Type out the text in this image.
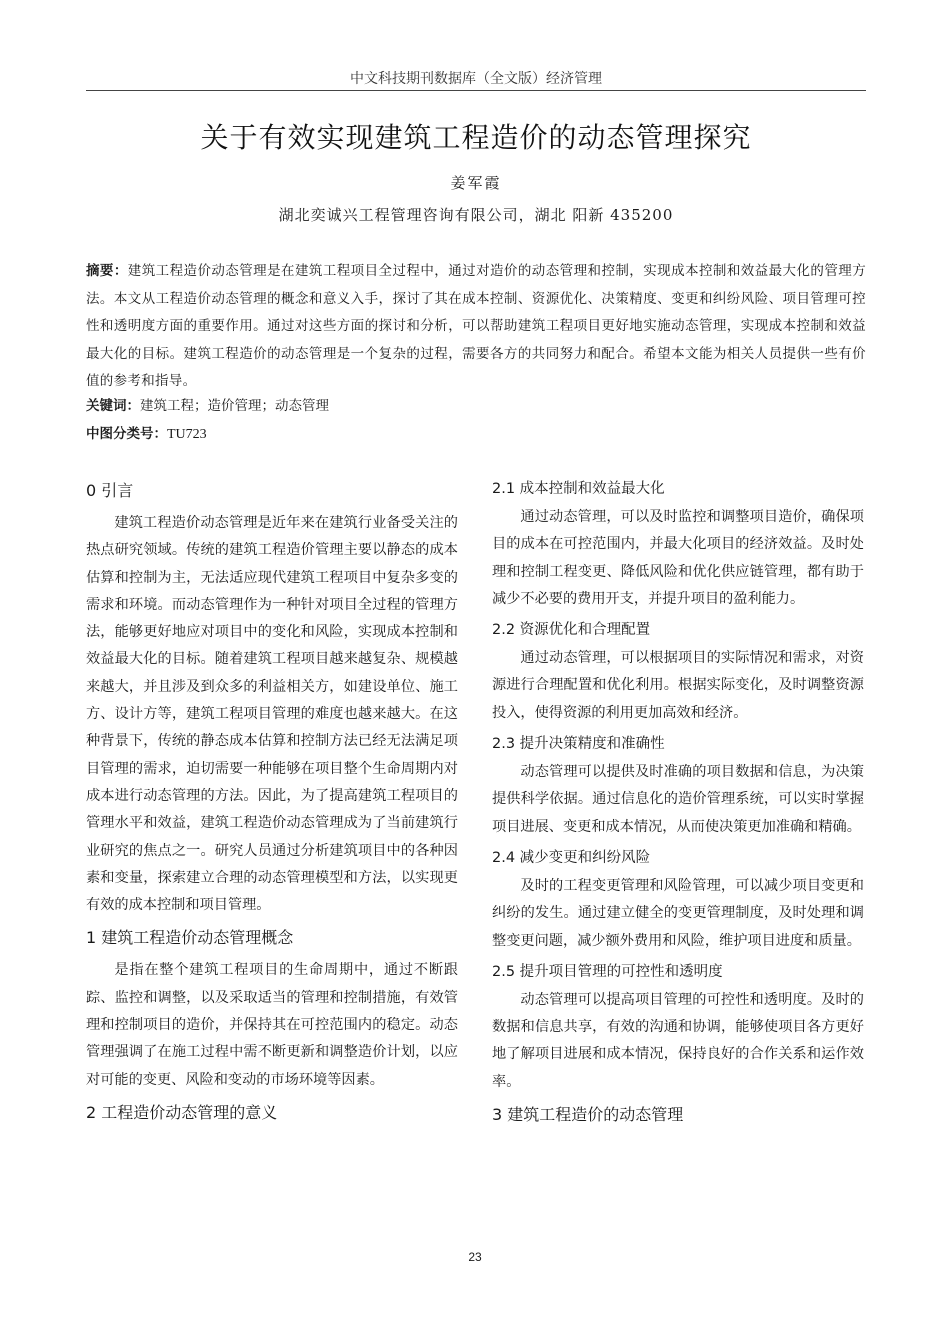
中文科技期刊数据库（全文版）经济管理
关于有效实现建筑工程造价的动态管理探究
姜军霞
湖北奕诚兴工程管理咨询有限公司，湖北 阳新 435200
摘要：建筑工程造价动态管理是在建筑工程项目全过程中，通过对造价的动态管理和控制，实现成本控制和效益最大化的管理方法。本文从工程造价动态管理的概念和意义入手，探讨了其在成本控制、资源优化、决策精度、变更和纠纷风险、项目管理可控性和透明度方面的重要作用。通过对这些方面的探讨和分析，可以帮助建筑工程项目更好地实施动态管理，实现成本控制和效益最大化的目标。建筑工程造价的动态管理是一个复杂的过程，需要各方的共同努力和配合。希望本文能为相关人员提供一些有价值的参考和指导。
关键词：建筑工程；造价管理；动态管理
中图分类号：TU723
0 引言

建筑工程造价动态管理是近年来在建筑行业备受关注的热点研究领域。传统的建筑工程造价管理主要以静态的成本估算和控制为主，无法适应现代建筑工程项目中复杂多变的需求和环境。而动态管理作为一种针对项目全过程的管理方法，能够更好地应对项目中的变化和风险，实现成本控制和效益最大化的目标。随着建筑工程项目越来越复杂、规模越来越大，并且涉及到众多的利益相关方，如建设单位、施工方、设计方等，建筑工程项目管理的难度也越来越大。在这种背景下，传统的静态成本估算和控制方法已经无法满足项目管理的需求，迫切需要一种能够在项目整个生命周期内对成本进行动态管理的方法。因此，为了提高建筑工程项目的管理水平和效益，建筑工程造价动态管理成为了当前建筑行业研究的焦点之一。研究人员通过分析建筑项目中的各种因素和变量，探索建立合理的动态管理模型和方法，以实现更有效的成本控制和项目管理。

1 建筑工程造价动态管理概念

是指在整个建筑工程项目的生命周期中，通过不断跟踪、监控和调整，以及采取适当的管理和控制措施，有效管理和控制项目的造价，并保持其在可控范围内的稳定。动态管理强调了在施工过程中需不断更新和调整造价计划，以应对可能的变更、风险和变动的市场环境等因素。

2 工程造价动态管理的意义
2.1 成本控制和效益最大化

通过动态管理，可以及时监控和调整项目造价，确保项目的成本在可控范围内，并最大化项目的经济效益。及时处理和控制工程变更、降低风险和优化供应链管理，都有助于减少不必要的费用开支，并提升项目的盈利能力。

2.2 资源优化和合理配置

通过动态管理，可以根据项目的实际情况和需求，对资源进行合理配置和优化利用。根据实际变化，及时调整资源投入，使得资源的利用更加高效和经济。

2.3 提升决策精度和准确性

动态管理可以提供及时准确的项目数据和信息，为决策提供科学依据。通过信息化的造价管理系统，可以实时掌握项目进展、变更和成本情况，从而使决策更加准确和精确。

2.4 减少变更和纠纷风险

及时的工程变更管理和风险管理，可以减少项目变更和纠纷的发生。通过建立健全的变更管理制度，及时处理和调整变更问题，减少额外费用和风险，维护项目进度和质量。

2.5 提升项目管理的可控性和透明度

动态管理可以提高项目管理的可控性和透明度。及时的数据和信息共享，有效的沟通和协调，能够使项目各方更好地了解项目进展和成本情况，保持良好的合作关系和运作效率。

3 建筑工程造价的动态管理
23
